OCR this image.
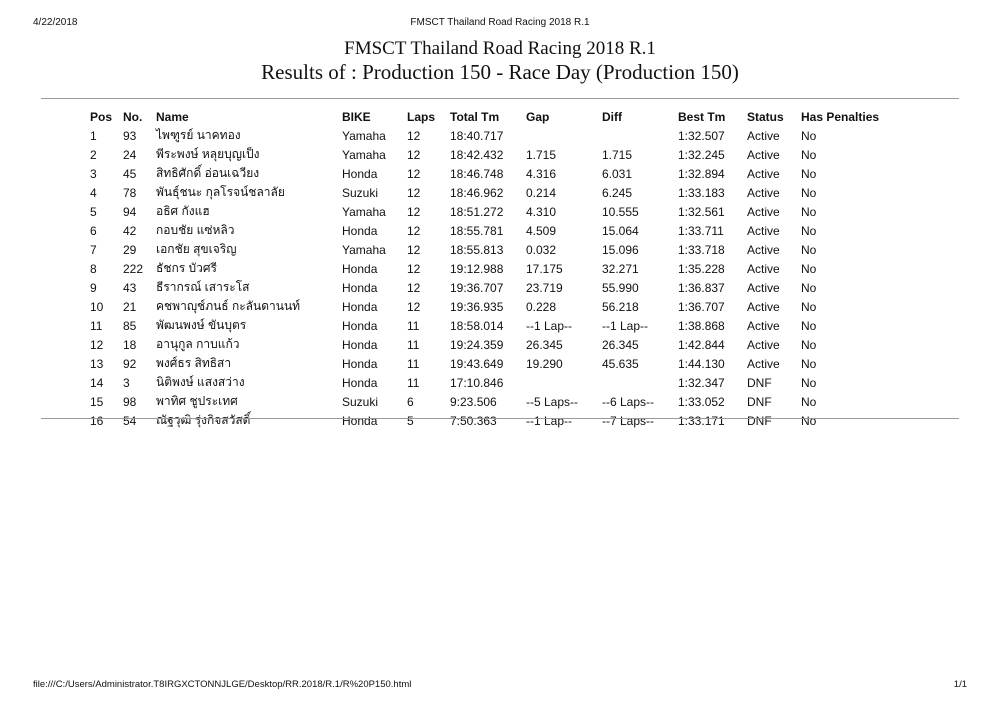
4/22/2018	FMSCT Thailand Road Racing 2018 R.1
FMSCT Thailand Road Racing 2018 R.1
Results of : Production 150 - Race Day (Production 150)
Pos	No.	Name	BIKE	Laps	Total Tm	Gap	Diff	Best Tm	Status	Has Penalties
1	93	ไพฑูรย์ นาคทอง	Yamaha	12	18:40.717			1:32.507	Active	No
2	24	พีระพงษ์ หลุยบุญเป็ง	Yamaha	12	18:42.432	1.715	1.715	1:32.245	Active	No
3	45	สิทธิศักดิ์ อ่อนเฉวียง	Honda	12	18:46.748	4.316	6.031	1:32.894	Active	No
4	78	พันธุ์ชนะ กุลโรจน์ชลาลัย	Suzuki	12	18:46.962	0.214	6.245	1:33.183	Active	No
5	94	อธิศ กังแฮ	Yamaha	12	18:51.272	4.310	10.555	1:32.561	Active	No
6	42	กอบชัย แซ่หลิว	Honda	12	18:55.781	4.509	15.064	1:33.711	Active	No
7	29	เอกชัย สุขเจริญ	Yamaha	12	18:55.813	0.032	15.096	1:33.718	Active	No
8	222	ธัชกร บัวศรี	Honda	12	19:12.988	17.175	32.271	1:35.228	Active	No
9	43	ธีรากรณ์ เสาระโส	Honda	12	19:36.707	23.719	55.990	1:36.837	Active	No
10	21	คชพาญุช์ภนธ์ กะลันดานนท์	Honda	12	19:36.935	0.228	56.218	1:36.707	Active	No
11	85	พัฒนพงษ์ ขันบุตร	Honda	11	18:58.014	--1 Lap--	--1 Lap--	1:38.868	Active	No
12	18	อานุกูล กาบแก้ว	Honda	11	19:24.359	26.345	26.345	1:42.844	Active	No
13	92	พงศ์ธร สิทธิสา	Honda	11	19:43.649	19.290	45.635	1:44.130	Active	No
14	3	นิติพงษ์ แสงสว่าง	Honda	11	17:10.846			1:32.347	DNF	No
15	98	พาทิศ ชูประเทศ	Suzuki	6	9:23.506	--5 Laps--	--6 Laps--	1:33.052	DNF	No
16	54	ณัฐวุฒิ รุ่งกิจสวัสดิ์	Honda	5	7:50.363	--1 Lap--	--7 Laps--	1:33.171	DNF	No
file:///C:/Users/Administrator.T8IRGXCTONNJLGE/Desktop/RR.2018/R.1/R%20P150.html	1/1
